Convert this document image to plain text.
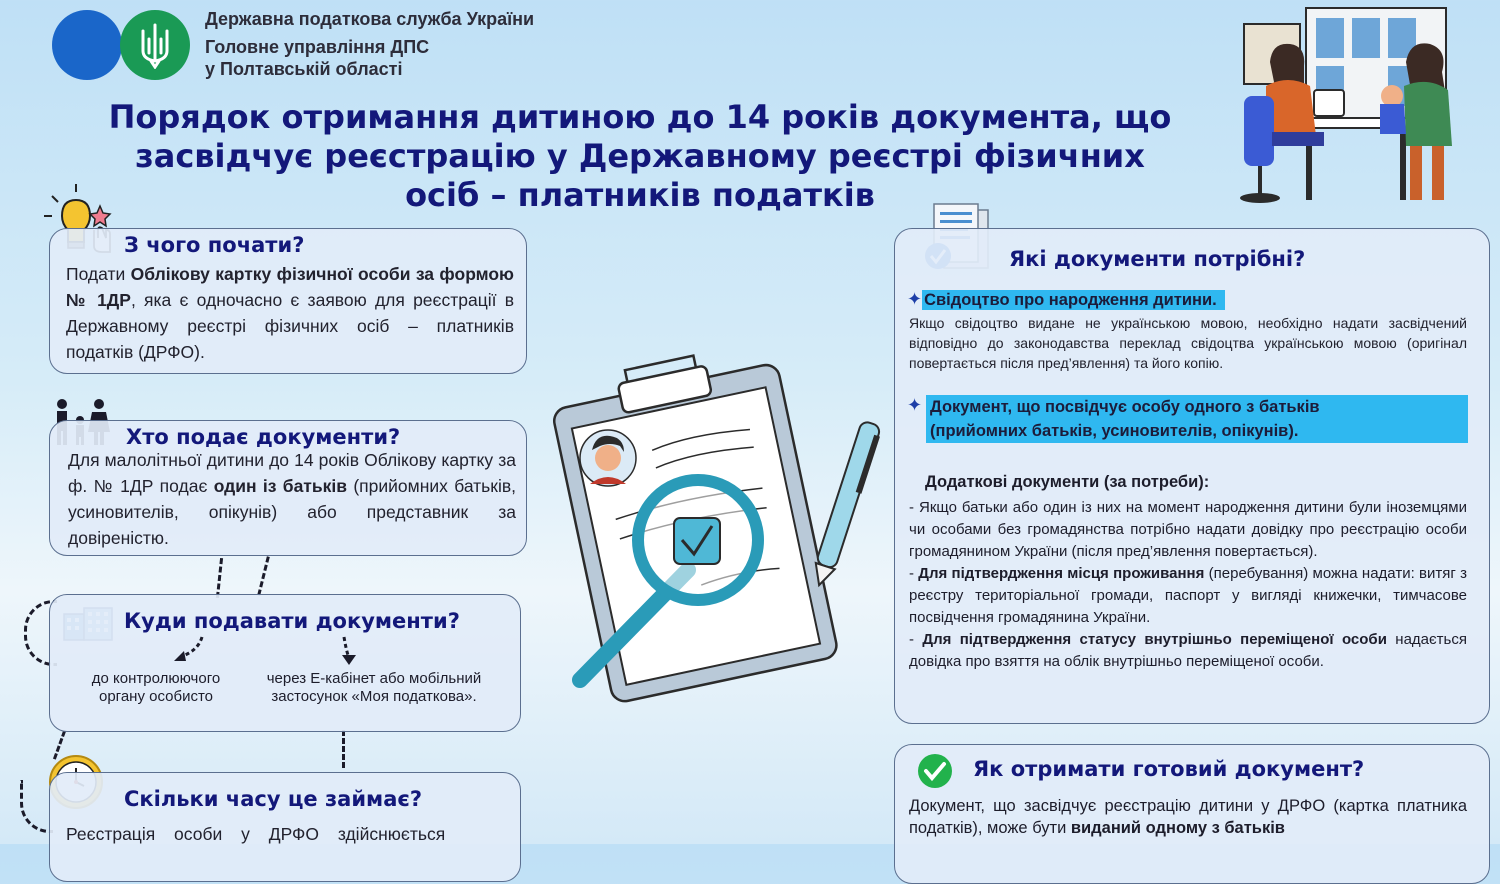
Державна податкова служба України
Головне управління ДПС
у Полтавській області
Порядок отримання дитиною до 14 років документа, що
засвідчує реєстрацію у Державному реєстрі фізичних
осіб – платників податків
З чого почати?
Подати Облікову картку фізичної особи за формою № 1ДР, яка є одночасно є заявою для реєстрації в Державному реєстрі фізичних осіб – платників податків (ДРФО).
Хто подає документи?
Для малолітньої дитини до 14 років Облікову картку за ф. № 1ДР подає один із батьків (прийомних батьків, усиновителів, опікунів) або представник за довіреністю.
Куди подавати документи?
до контролюючого органу особисто
через Е-кабінет або мобільний застосунок «Моя податкова».
Скільки часу це займає?
Реєстрація особи у ДРФО здійснюється
Які документи потрібні?
✦ Свідоцтво про народження дитини.
Якщо свідоцтво видане не українською мовою, необхідно надати засвідчений відповідно до законодавства переклад свідоцтва українською мовою (оригінал повертається після пред’явлення) та його копію.
✦ Документ, що посвідчує особу одного з батьків
(прийомних батьків, усиновителів, опікунів).
Додаткові документи (за потреби):
- Якщо батьки або один із них на момент народження дитини були іноземцями чи особами без громадянства потрібно надати довідку про реєстрацію особи громадянином України (після пред’явлення повертається).
- Для підтвердження місця проживання (перебування) можна надати: витяг з реєстру територіальної громади, паспорт у вигляді книжечки, тимчасове посвідчення громадянина України.
- Для підтвердження статусу внутрішньо переміщеної особи надається довідка про взяття на облік внутрішньо переміщеної особи.
Як отримати готовий документ?
Документ, що засвідчує реєстрацію дитини у ДРФО (картка платника податків), може бути виданий одному з батьків
